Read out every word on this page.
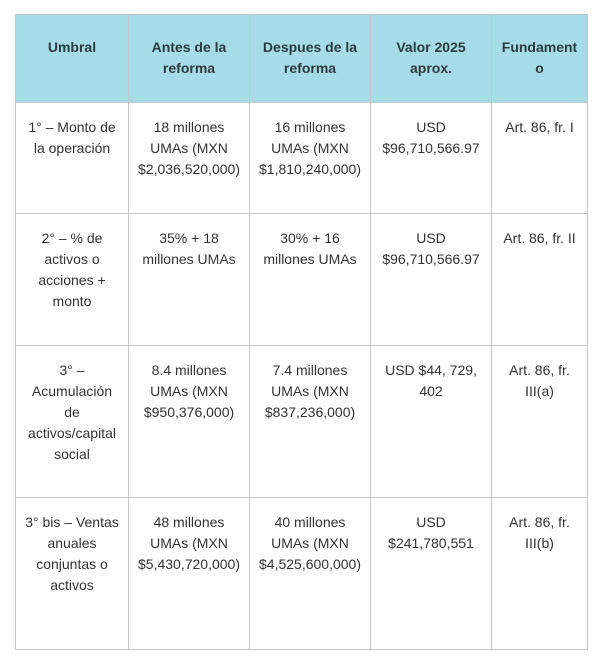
Umbral	Antes de la reforma	Despues de la reforma	Valor 2025 aprox.	Fundamento
1° – Monto de la operación	18 millones UMAs (MXN $2,036,520,000)	16 millones UMAs (MXN $1,810,240,000)	USD $96,710,566.97	Art. 86, fr. I
2° – % de activos o acciones + monto	35% + 18 millones UMAs	30% + 16 millones UMAs	USD $96,710,566.97	Art. 86, fr. II
3° – Acumulación de activos/capital social	8.4 millones UMAs (MXN $950,376,000)	7.4 millones UMAs (MXN $837,236,000)	USD $44, 729, 402	Art. 86, fr. III(a)
3° bis – Ventas anuales conjuntas o activos	48 millones UMAs (MXN $5,430,720,000)	40 millones UMAs (MXN $4,525,600,000)	USD $241,780,551	Art. 86, fr. III(b)
